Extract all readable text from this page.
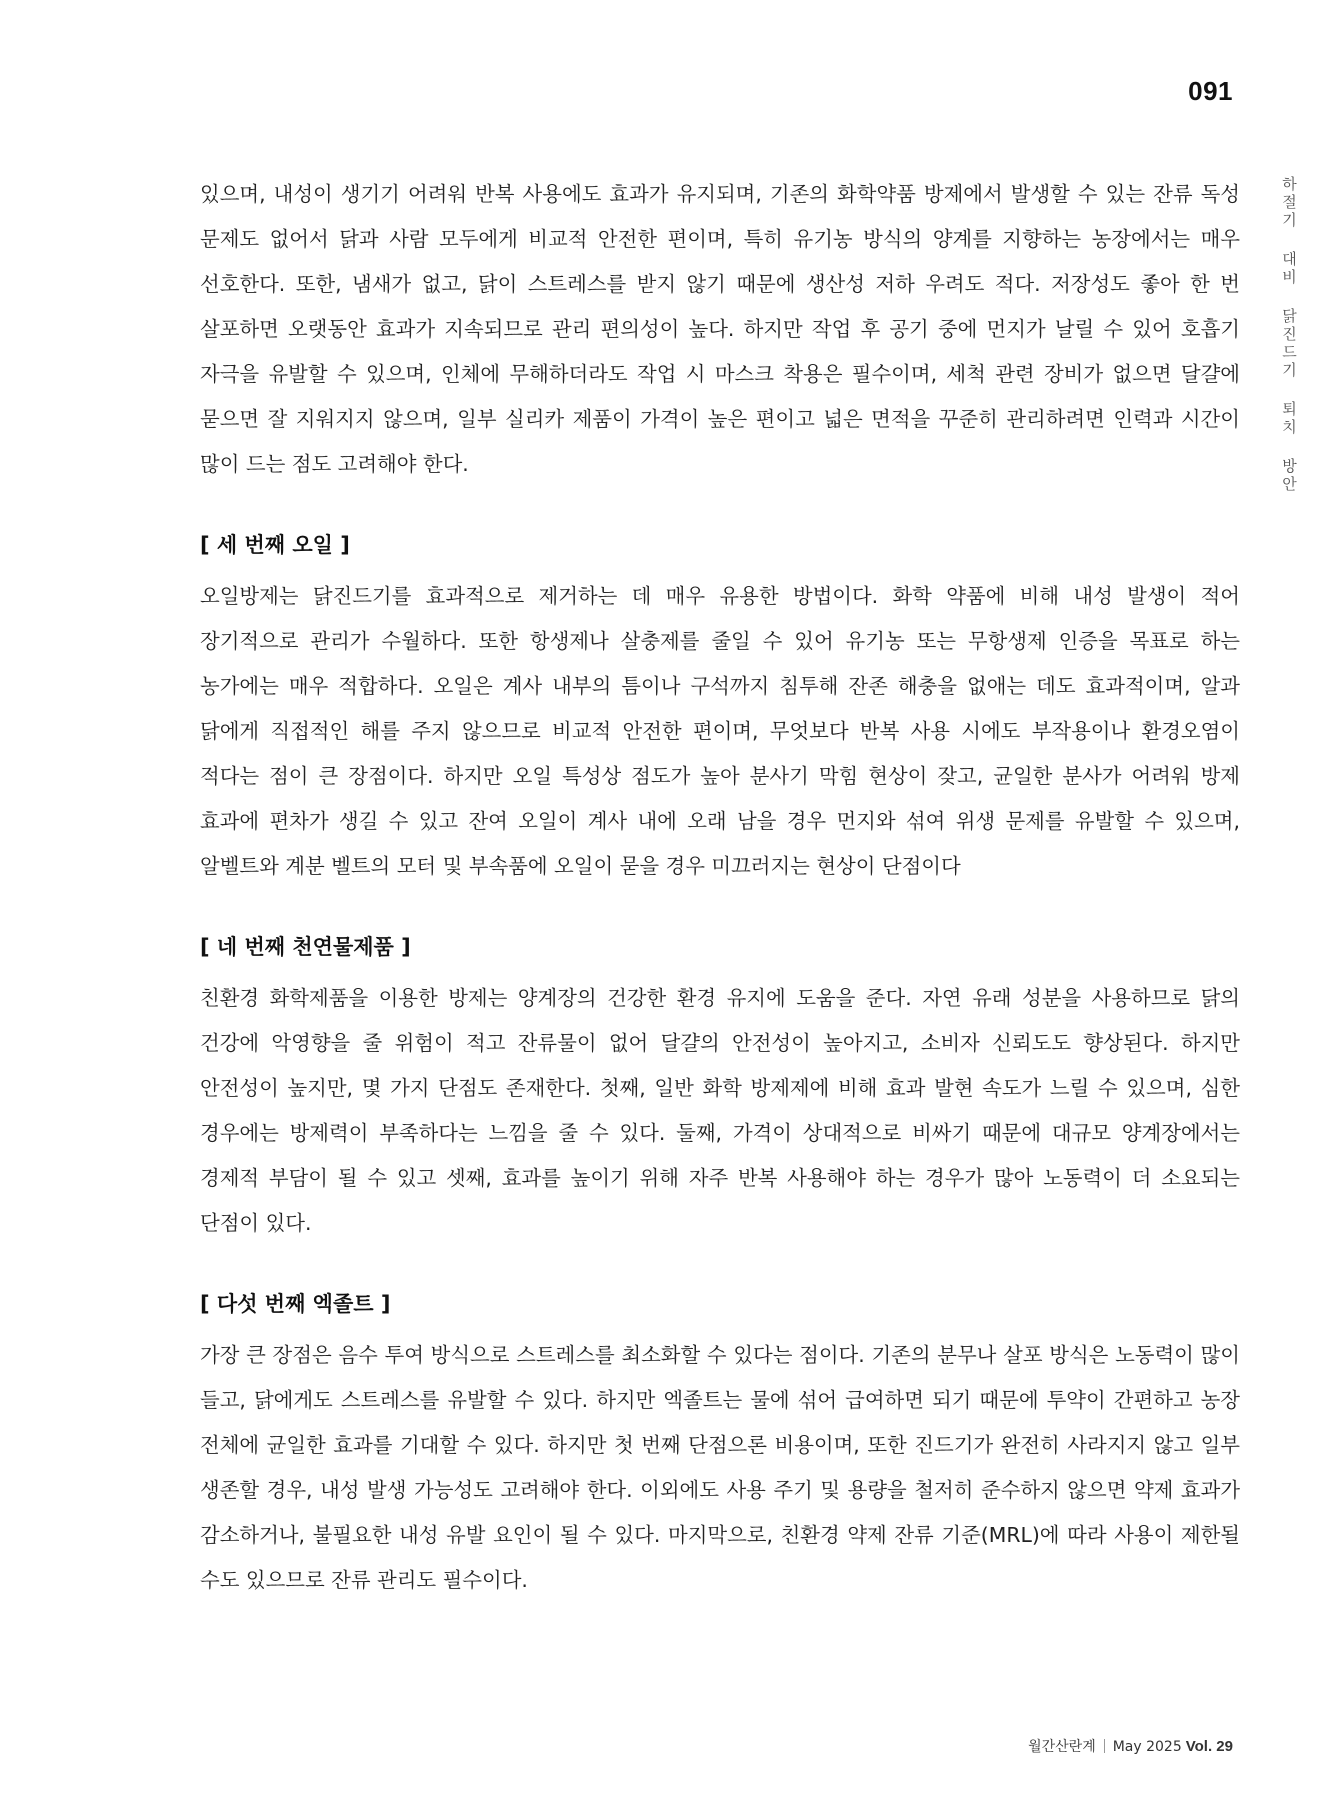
091
하절기 대비 닭진드기 퇴치 방안

있으며, 내성이 생기기 어려워 반복 사용에도 효과가 유지되며, 기존의 화학약품 방제에서 발생할 수 있는 잔류 독성 문제도 없어서 닭과 사람 모두에게 비교적 안전한 편이며, 특히 유기농 방식의 양계를 지향하는 농장에서는 매우 선호한다. 또한, 냄새가 없고, 닭이 스트레스를 받지 않기 때문에 생산성 저하 우려도 적다. 저장성도 좋아 한 번 살포하면 오랫동안 효과가 지속되므로 관리 편의성이 높다. 하지만 작업 후 공기 중에 먼지가 날릴 수 있어 호흡기 자극을 유발할 수 있으며, 인체에 무해하더라도 작업 시 마스크 착용은 필수이며, 세척 관련 장비가 없으면 달걀에 묻으면 잘 지워지지 않으며, 일부 실리카 제품이 가격이 높은 편이고 넓은 면적을 꾸준히 관리하려면 인력과 시간이 많이 드는 점도 고려해야 한다.

[ 세 번째 오일 ]

오일방제는 닭진드기를 효과적으로 제거하는 데 매우 유용한 방법이다. 화학 약품에 비해 내성 발생이 적어 장기적으로 관리가 수월하다. 또한 항생제나 살충제를 줄일 수 있어 유기농 또는 무항생제 인증을 목표로 하는 농가에는 매우 적합하다. 오일은 계사 내부의 틈이나 구석까지 침투해 잔존 해충을 없애는 데도 효과적이며, 알과 닭에게 직접적인 해를 주지 않으므로 비교적 안전한 편이며, 무엇보다 반복 사용 시에도 부작용이나 환경오염이 적다는 점이 큰 장점이다. 하지만 오일 특성상 점도가 높아 분사기 막힘 현상이 잦고, 균일한 분사가 어려워 방제 효과에 편차가 생길 수 있고 잔여 오일이 계사 내에 오래 남을 경우 먼지와 섞여 위생 문제를 유발할 수 있으며, 알벨트와 계분 벨트의 모터 및 부속품에 오일이 묻을 경우 미끄러지는 현상이 단점이다

[ 네 번째 천연물제품 ]

친환경 화학제품을 이용한 방제는 양계장의 건강한 환경 유지에 도움을 준다. 자연 유래 성분을 사용하므로 닭의 건강에 악영향을 줄 위험이 적고 잔류물이 없어 달걀의 안전성이 높아지고, 소비자 신뢰도도 향상된다. 하지만 안전성이 높지만, 몇 가지 단점도 존재한다. 첫째, 일반 화학 방제제에 비해 효과 발현 속도가 느릴 수 있으며, 심한 경우에는 방제력이 부족하다는 느낌을 줄 수 있다. 둘째, 가격이 상대적으로 비싸기 때문에 대규모 양계장에서는 경제적 부담이 될 수 있고 셋째, 효과를 높이기 위해 자주 반복 사용해야 하는 경우가 많아 노동력이 더 소요되는 단점이 있다.

[ 다섯 번째 엑졸트 ]

가장 큰 장점은 음수 투여 방식으로 스트레스를 최소화할 수 있다는 점이다. 기존의 분무나 살포 방식은 노동력이 많이 들고, 닭에게도 스트레스를 유발할 수 있다. 하지만 엑졸트는 물에 섞어 급여하면 되기 때문에 투약이 간편하고 농장 전체에 균일한 효과를 기대할 수 있다. 하지만 첫 번째 단점으론 비용이며, 또한 진드기가 완전히 사라지지 않고 일부 생존할 경우, 내성 발생 가능성도 고려해야 한다. 이외에도 사용 주기 및 용량을 철저히 준수하지 않으면 약제 효과가 감소하거나, 불필요한 내성 유발 요인이 될 수 있다. 마지막으로, 친환경 약제 잔류 기준(MRL)에 따라 사용이 제한될 수도 있으므로 잔류 관리도 필수이다.

월간산란계 May 2025 Vol. 29
